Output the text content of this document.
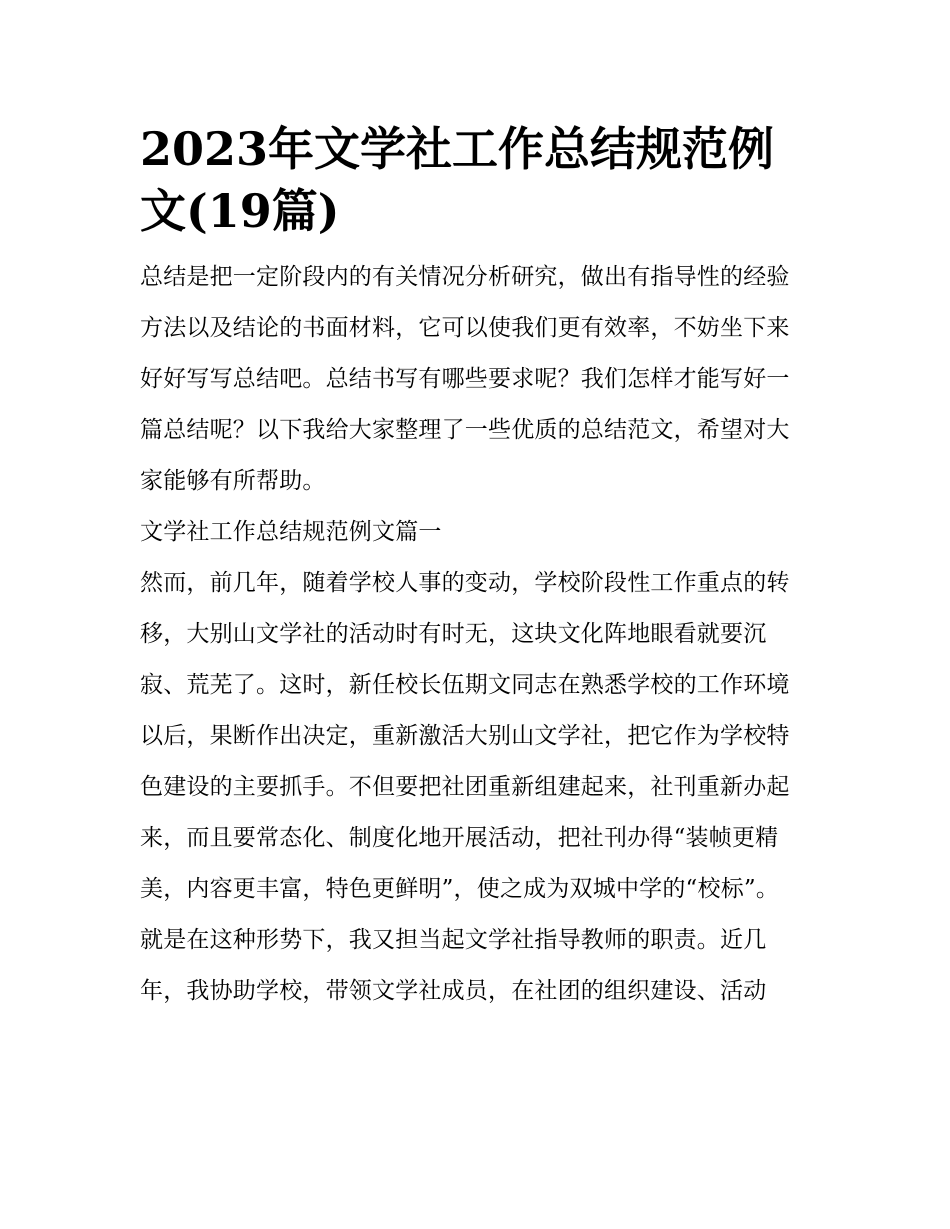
2023年文学社工作总结规范例文(19篇)

总结是把一定阶段内的有关情况分析研究，做出有指导性的经验方法以及结论的书面材料，它可以使我们更有效率，不妨坐下来好好写写总结吧。总结书写有哪些要求呢？我们怎样才能写好一篇总结呢？以下我给大家整理了一些优质的总结范文，希望对大家能够有所帮助。

文学社工作总结规范例文篇一

然而，前几年，随着学校人事的变动，学校阶段性工作重点的转移，大别山文学社的活动时有时无，这块文化阵地眼看就要沉寂、荒芜了。这时，新任校长伍期文同志在熟悉学校的工作环境以后，果断作出决定，重新激活大别山文学社，把它作为学校特色建设的主要抓手。不但要把社团重新组建起来，社刊重新办起来，而且要常态化、制度化地开展活动，把社刊办得“装帧更精美，内容更丰富，特色更鲜明”，使之成为双城中学的“校标”。

就是在这种形势下，我又担当起文学社指导教师的职责。近几年，我协助学校，带领文学社成员，在社团的组织建设、活动
